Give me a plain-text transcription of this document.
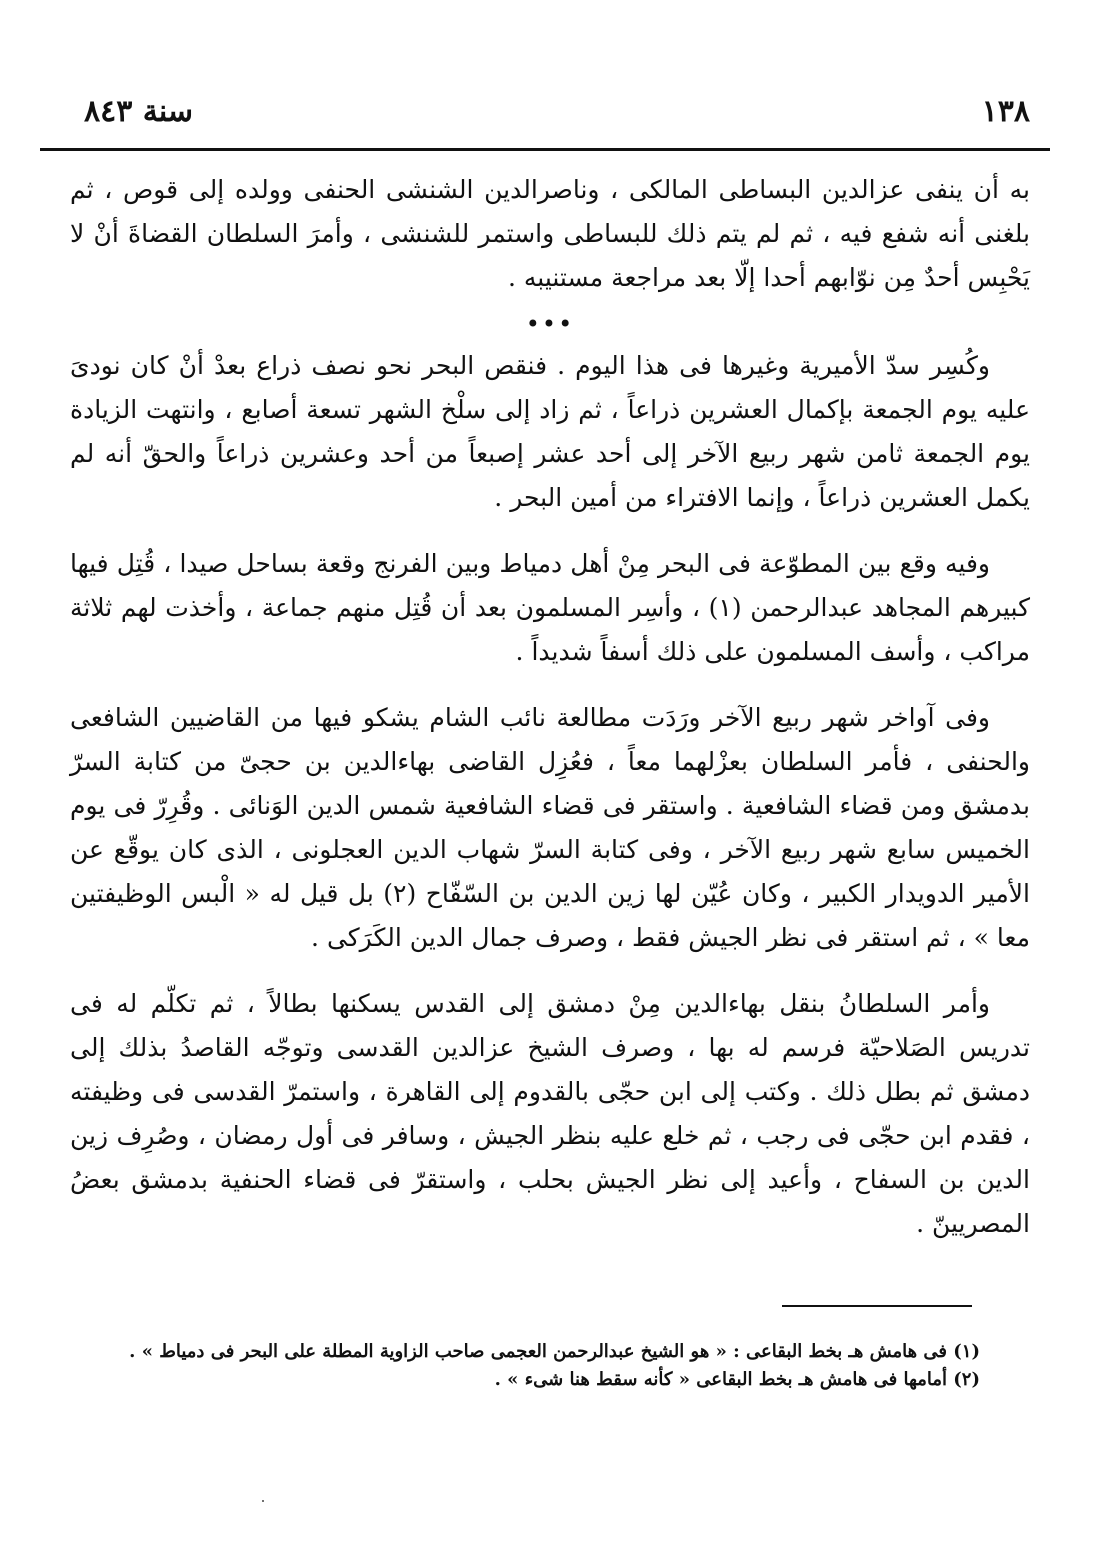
١٣٨
سنة ٨٤٣

به أن ينفى عزالدين البساطى المالكى ، وناصرالدين الشنشى الحنفى وولده إلى قوص ، ثم بلغنى أنه شفع فيه ، ثم لم يتم ذلك للبساطى واستمر للشنشى ، وأمرَ السلطان القضاةَ أنْ لا يَحْبِس أحدٌ مِن نوّابهم أحدا إلّا بعد مراجعة مستنيبه .

•••

وكُسِر سدّ الأميرية وغيرها فى هذا اليوم . فنقص البحر نحو نصف ذراع بعدْ أنْ كان نودىَ عليه يوم الجمعة بإكمال العشرين ذراعاً ، ثم زاد إلى سلْخ الشهر تسعة أصابع ، وانتهت الزيادة يوم الجمعة ثامن شهر ربيع الآخر إلى أحد عشر إصبعاً من أحد وعشرين ذراعاً والحقّ أنه لم يكمل العشرين ذراعاً ، وإنما الافتراء من أمين البحر .

وفيه وقع بين المطوّعة فى البحر مِنْ أهل دمياط وبين الفرنج وقعة بساحل صيدا ، قُتِل فيها كبيرهم المجاهد عبدالرحمن (١) ، وأسِر المسلمون بعد أن قُتِل منهم جماعة ، وأخذت لهم ثلاثة مراكب ، وأسف المسلمون على ذلك أسفاً شديداً .

وفى آواخر شهر ربيع الآخر ورَدَت مطالعة نائب الشام يشكو فيها من القاضيين الشافعى والحنفى ، فأمر السلطان بعزْلهما معاً ، فعُزِل القاضى بهاءالدين بن حجىّ من كتابة السرّ بدمشق ومن قضاء الشافعية . واستقر فى قضاء الشافعية شمس الدين الوَنائى . وقُرِرّ فى يوم الخميس سابع شهر ربيع الآخر ، وفى كتابة السرّ شهاب الدين العجلونى ، الذى كان يوقّع عن الأمير الدويدار الكبير ، وكان عُيّن لها زين الدين بن السّفّاح (٢) بل قيل له « الْبس الوظيفتين معا » ، ثم استقر فى نظر الجيش فقط ، وصرف جمال الدين الكَرَكى .

وأمر السلطانُ بنقل بهاءالدين مِنْ دمشق إلى القدس يسكنها بطالاً ، ثم تكلّم له فى تدريس الصَلاحيّة فرسم له بها ، وصرف الشيخ عزالدين القدسى وتوجّه القاصدُ بذلك إلى دمشق ثم بطل ذلك . وكتب إلى ابن حجّى بالقدوم إلى القاهرة ، واستمرّ القدسى فى وظيفته ، فقدم ابن حجّى فى رجب ، ثم خلع عليه بنظر الجيش ، وسافر فى أول رمضان ، وصُرِف زين الدين بن السفاح ، وأعيد إلى نظر الجيش بحلب ، واستقرّ فى قضاء الحنفية بدمشق بعضُ المصريينّ .

(١) فى هامش هـ بخط البقاعى : « هو الشيخ عبدالرحمن العجمى صاحب الزاوية المطلة على البحر فى دمياط » .

(٢) أمامها فى هامش هـ بخط البقاعى « كأنه سقط هنا شىء » .
